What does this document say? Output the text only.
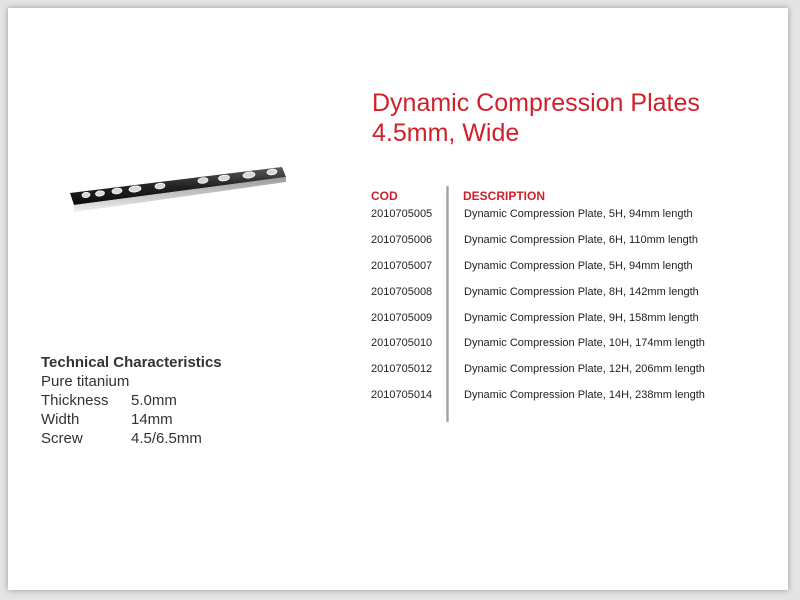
Dynamic Compression Plates
4.5mm, Wide
Technical Characteristics
Pure titanium
Thickness 5.0mm
Width	14mm
Screw	4.5/6.5mm
COD	DESCRIPTION
2010705005	Dynamic Compression Plate, 5H, 94mm length
2010705006	Dynamic Compression Plate, 6H, 110mm length
2010705007	Dynamic Compression Plate, 5H, 94mm length
2010705008	Dynamic Compression Plate, 8H, 142mm length
2010705009	Dynamic Compression Plate, 9H, 158mm length
2010705010	Dynamic Compression Plate, 10H, 174mm length
2010705012	Dynamic Compression Plate, 12H, 206mm length
2010705014	Dynamic Compression Plate, 14H, 238mm length
